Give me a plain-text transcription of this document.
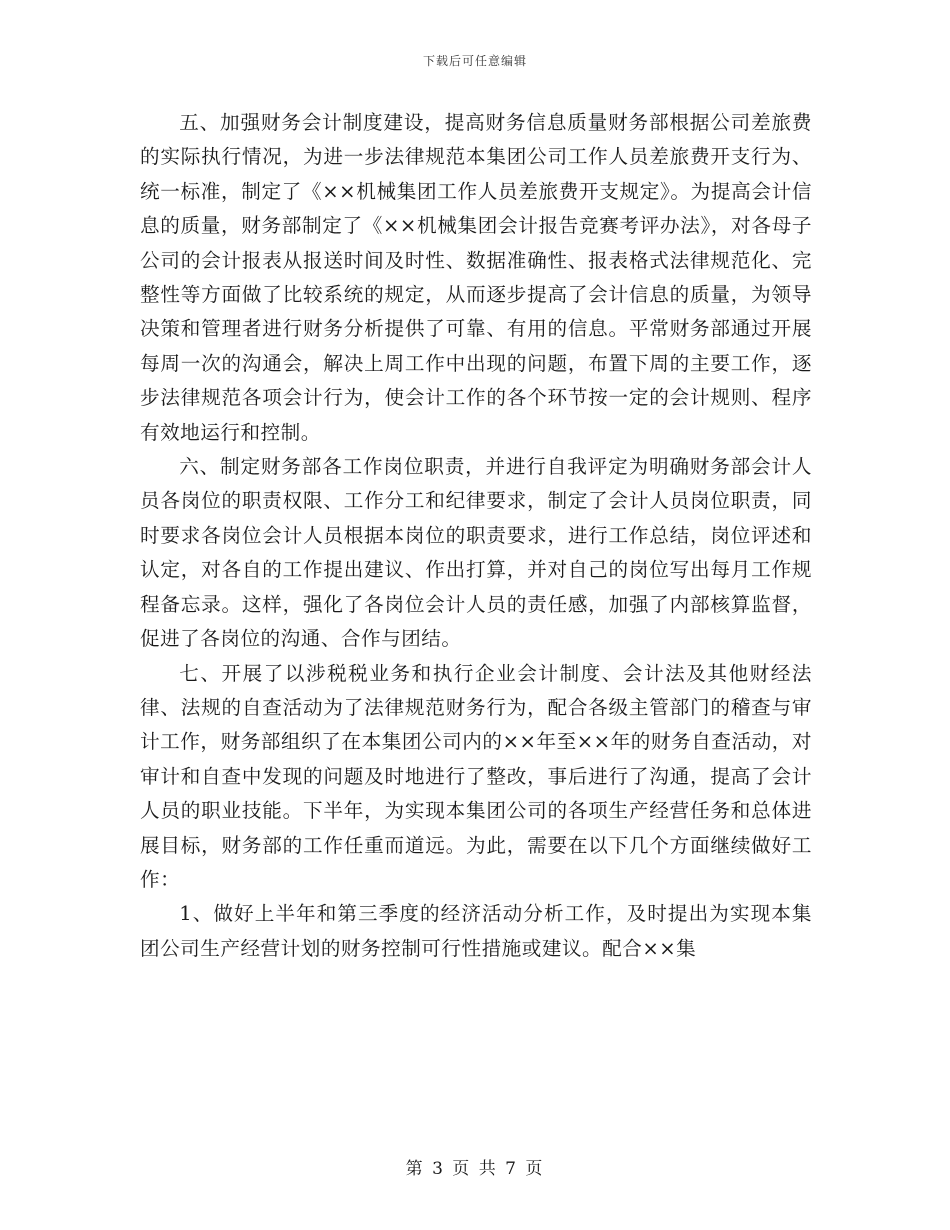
下载后可任意编辑

五、加强财务会计制度建设，提高财务信息质量财务部根据公司差旅费的实际执行情况，为进一步法律规范本集团公司工作人员差旅费开支行为、统一标准，制定了《××机械集团工作人员差旅费开支规定》。为提高会计信息的质量，财务部制定了《××机械集团会计报告竞赛考评办法》，对各母子公司的会计报表从报送时间及时性、数据准确性、报表格式法律规范化、完整性等方面做了比较系统的规定，从而逐步提高了会计信息的质量，为领导决策和管理者进行财务分析提供了可靠、有用的信息。平常财务部通过开展每周一次的沟通会，解决上周工作中出现的问题，布置下周的主要工作，逐步法律规范各项会计行为，使会计工作的各个环节按一定的会计规则、程序有效地运行和控制。

六、制定财务部各工作岗位职责，并进行自我评定为明确财务部会计人员各岗位的职责权限、工作分工和纪律要求，制定了会计人员岗位职责，同时要求各岗位会计人员根据本岗位的职责要求，进行工作总结，岗位评述和认定，对各自的工作提出建议、作出打算，并对自己的岗位写出每月工作规程备忘录。这样，强化了各岗位会计人员的责任感，加强了内部核算监督，促进了各岗位的沟通、合作与团结。

七、开展了以涉税税业务和执行企业会计制度、会计法及其他财经法律、法规的自查活动为了法律规范财务行为，配合各级主管部门的稽查与审计工作，财务部组织了在本集团公司内的××年至××年的财务自查活动，对审计和自查中发现的问题及时地进行了整改，事后进行了沟通，提高了会计人员的职业技能。下半年，为实现本集团公司的各项生产经营任务和总体进展目标，财务部的工作任重而道远。为此，需要在以下几个方面继续做好工作：

1、做好上半年和第三季度的经济活动分析工作，及时提出为实现本集团公司生产经营计划的财务控制可行性措施或建议。配合××集

第 3 页 共 7 页
